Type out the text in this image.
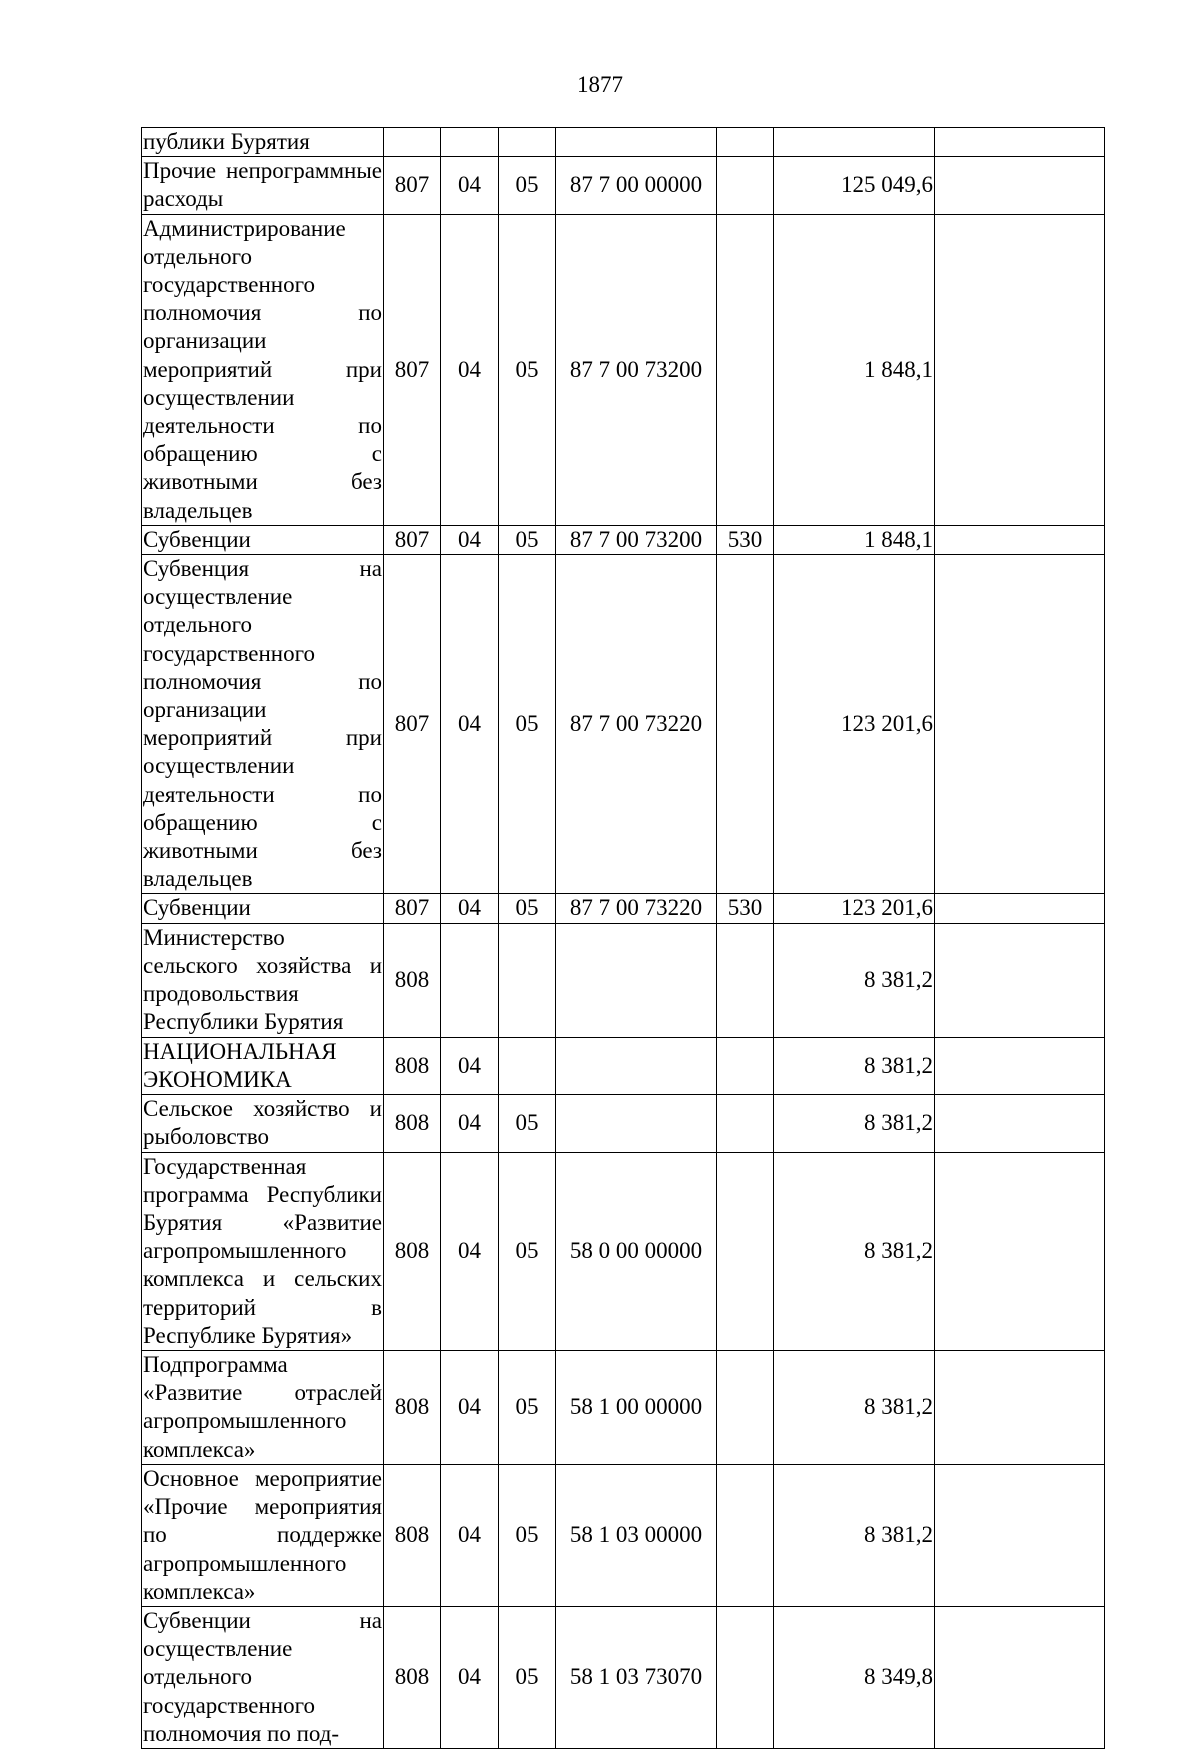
1877
публики Бурятия							
Прочие непрограммные расходы	807	04	05	87 7 00 00000		125 049,6	
Администрирование отдельного государственного полномочия по организации мероприятий при осуществлении деятельности по обращению с животными без владельцев	807	04	05	87 7 00 73200		1 848,1	
Субвенции	807	04	05	87 7 00 73200	530	1 848,1	
Субвенция на осуществление отдельного государственного полномочия по организации мероприятий при осуществлении деятельности по обращению с животными без владельцев	807	04	05	87 7 00 73220		123 201,6	
Субвенции	807	04	05	87 7 00 73220	530	123 201,6	
Министерство сельского хозяйства и продовольствия Республики Бурятия	808					8 381,2	
НАЦИОНАЛЬНАЯ ЭКОНОМИКА	808	04				8 381,2	
Сельское хозяйство и рыболовство	808	04	05			8 381,2	
Государственная программа Республики Бурятия «Развитие агропромышленного комплекса и сельских территорий в Республике Бурятия»	808	04	05	58 0 00 00000		8 381,2	
Подпрограмма «Развитие отраслей агропромышленного комплекса»	808	04	05	58 1 00 00000		8 381,2	
Основное мероприятие «Прочие мероприятия по поддержке агропромышленного комплекса»	808	04	05	58 1 03 00000		8 381,2	
Субвенции на осуществление отдельного государственного полномочия по под-	808	04	05	58 1 03 73070		8 349,8	
